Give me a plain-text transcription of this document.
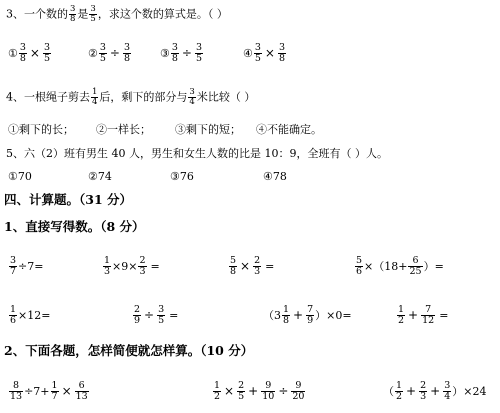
3、一个数的 $\frac{3}{8}$ 是 $\frac{3}{5}$ ，求这个数的算式是。（ ）
① $\frac{3}{8} \times \frac{3}{5}$	② $\frac{3}{5} \div \frac{3}{8}$	③ $\frac{3}{8} \div \frac{3}{5}$	④ $\frac{3}{5} \times \frac{3}{8}$
4、一根绳子剪去 $\frac{1}{4}$ 后，剩下的部分与 $\frac{3}{4}$ 米比较（ ）
①剩下的长； ②一样长； ③剩下的短； ④不能确定。
5、六（2）班有男生 40 人，男生和女生人数的比是 10：9，全班有（ ）人。
①70	②74	③76	④78
四、计算题。（31 分）
1、直接写得数。（8 分）
$\frac{3}{7} \div 7=$	$\frac{1}{3} \times 9\times \frac{2}{3}$ =	$\frac{5}{8} \times \frac{2}{3}$ =	$\frac{5}{6} \times(18+ \frac{6}{25}$ ）=
$\frac{1}{6} \times 12=$	$\frac{2}{9} \div \frac{3}{5}$ =	$(3 \frac{1}{8} + \frac{7}{9} )\times 0=$	$\frac{1}{2} + \frac{7}{12}$ =
2、下面各题，怎样简便就怎样算。（10 分）
$\frac{8}{13} \div 7+ \frac{1}{7} \times \frac{6}{13}$	$\frac{1}{2} \times \frac{2}{5} + \frac{9}{10} \div \frac{9}{20}$	（ $\frac{1}{2} + \frac{2}{3} + \frac{3}{4} )\times 24$
